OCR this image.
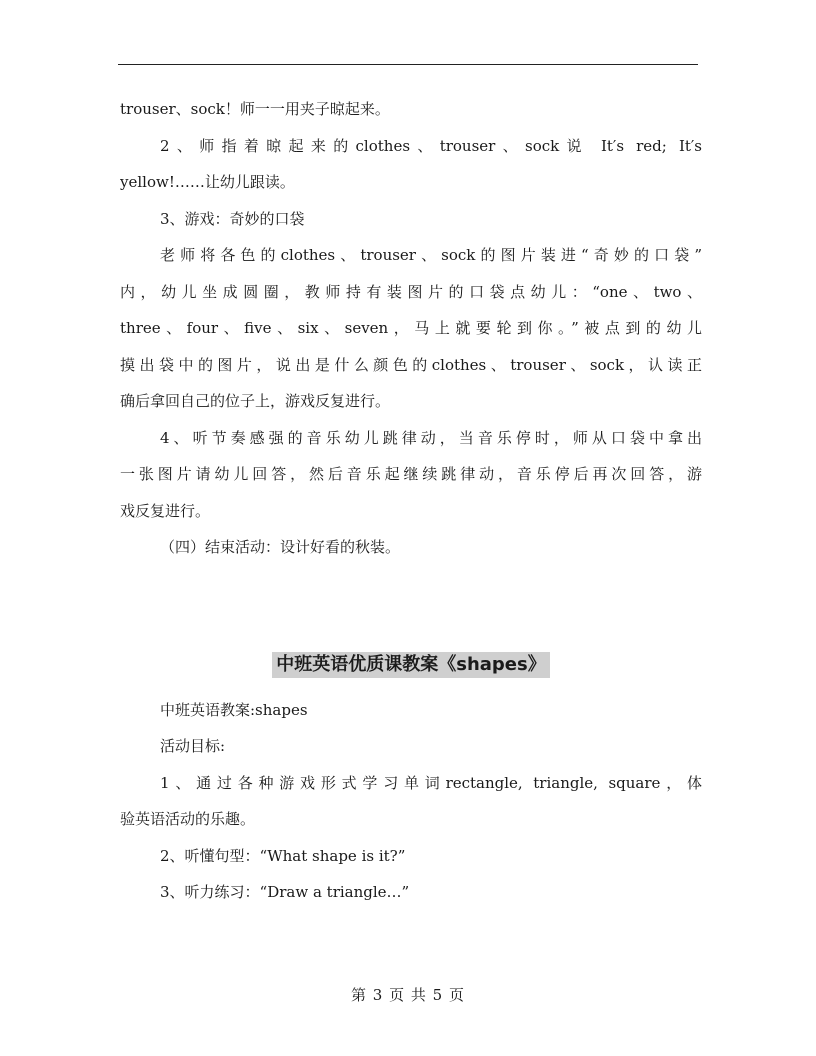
trouser、sock！师一一用夹子晾起来。
2、师指着晾起来的clothes、trouser、sock说 It′s red; It′s
yellow!……让幼儿跟读。
3、游戏：奇妙的口袋
老师将各色的clothes、trouser、sock的图片装进“奇妙的口袋”
内，幼儿坐成圆圈，教师持有装图片的口袋点幼儿：“one、two、
three、four、five、six、seven，马上就要轮到你。”被点到的幼儿
摸出袋中的图片，说出是什么颜色的clothes、trouser、sock，认读正
确后拿回自己的位子上，游戏反复进行。
4、听节奏感强的音乐幼儿跳律动，当音乐停时，师从口袋中拿出
一张图片请幼儿回答，然后音乐起继续跳律动，音乐停后再次回答，游
戏反复进行。
（四）结束活动：设计好看的秋装。
中班英语优质课教案《shapes》
中班英语教案:shapes
活动目标:
1、通过各种游戏形式学习单词rectangle, triangle, square，体
验英语活动的乐趣。
2、听懂句型：“What shape is it?”
3、听力练习：“Draw a triangle…”
第 3 页 共 5 页
